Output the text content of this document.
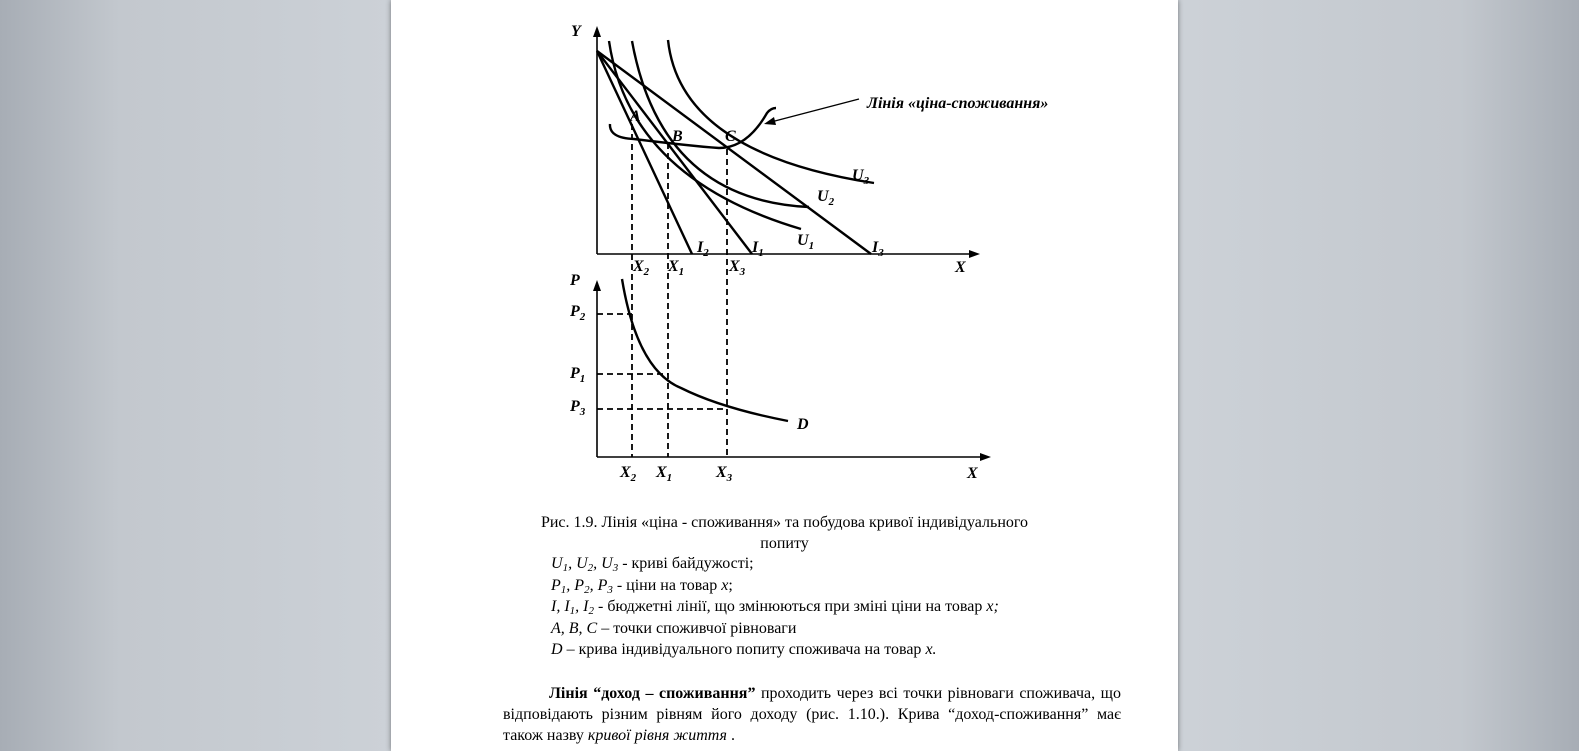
Y
X
A
B	C
Лінія «ціна-споживання»
$U_1$
$U_2$
$U_3$
$I_2$	$I_1$	$I_3$
$X_2$ $X_1$	$X_3$
P
X
D
$P_2$
$P_1$
$P_3$
$X_2$ $X_1$	$X_3$
Рис. 1.9. Лінія «ціна - споживання» та побудова кривої індивідуального
попиту
$U_1$, $U_2$, $U_3$ - криві байдужості;
$P_1$, $P_2$, $P_3$ - ціни на товар x;
I, $I_1$, $I_2$ - бюджетні лінії, що змінюються при зміні ціни на товар x;
A, B, C – точки споживчої рівноваги
D – крива індивідуального попиту споживача на товар x.
Лінія “доход – споживання” проходить через всі точки рівноваги споживача, що відповідають різним рівням його доходу (рис. 1.10.). Крива “доход-споживання” має також назву кривої рівня життя .
